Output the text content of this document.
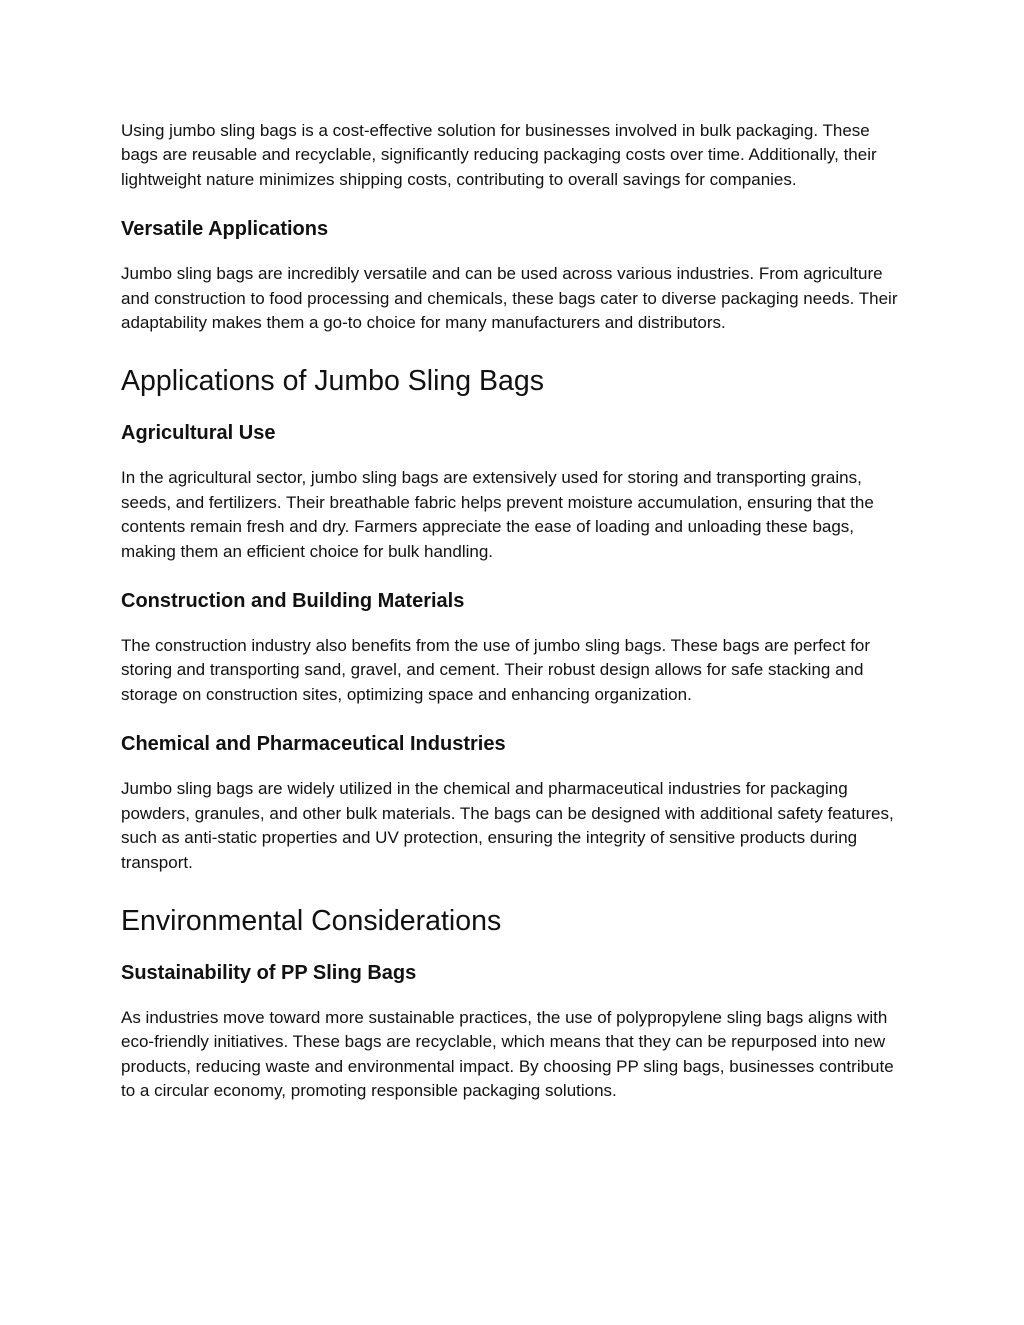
Using jumbo sling bags is a cost-effective solution for businesses involved in bulk packaging. These bags are reusable and recyclable, significantly reducing packaging costs over time. Additionally, their lightweight nature minimizes shipping costs, contributing to overall savings for companies.

Versatile Applications

Jumbo sling bags are incredibly versatile and can be used across various industries. From agriculture and construction to food processing and chemicals, these bags cater to diverse packaging needs. Their adaptability makes them a go-to choice for many manufacturers and distributors.

Applications of Jumbo Sling Bags
Agricultural Use

In the agricultural sector, jumbo sling bags are extensively used for storing and transporting grains, seeds, and fertilizers. Their breathable fabric helps prevent moisture accumulation, ensuring that the contents remain fresh and dry. Farmers appreciate the ease of loading and unloading these bags, making them an efficient choice for bulk handling.

Construction and Building Materials

The construction industry also benefits from the use of jumbo sling bags. These bags are perfect for storing and transporting sand, gravel, and cement. Their robust design allows for safe stacking and storage on construction sites, optimizing space and enhancing organization.

Chemical and Pharmaceutical Industries

Jumbo sling bags are widely utilized in the chemical and pharmaceutical industries for packaging powders, granules, and other bulk materials. The bags can be designed with additional safety features, such as anti-static properties and UV protection, ensuring the integrity of sensitive products during transport.

Environmental Considerations
Sustainability of PP Sling Bags

As industries move toward more sustainable practices, the use of polypropylene sling bags aligns with eco-friendly initiatives. These bags are recyclable, which means that they can be repurposed into new products, reducing waste and environmental impact. By choosing PP sling bags, businesses contribute to a circular economy, promoting responsible packaging solutions.
